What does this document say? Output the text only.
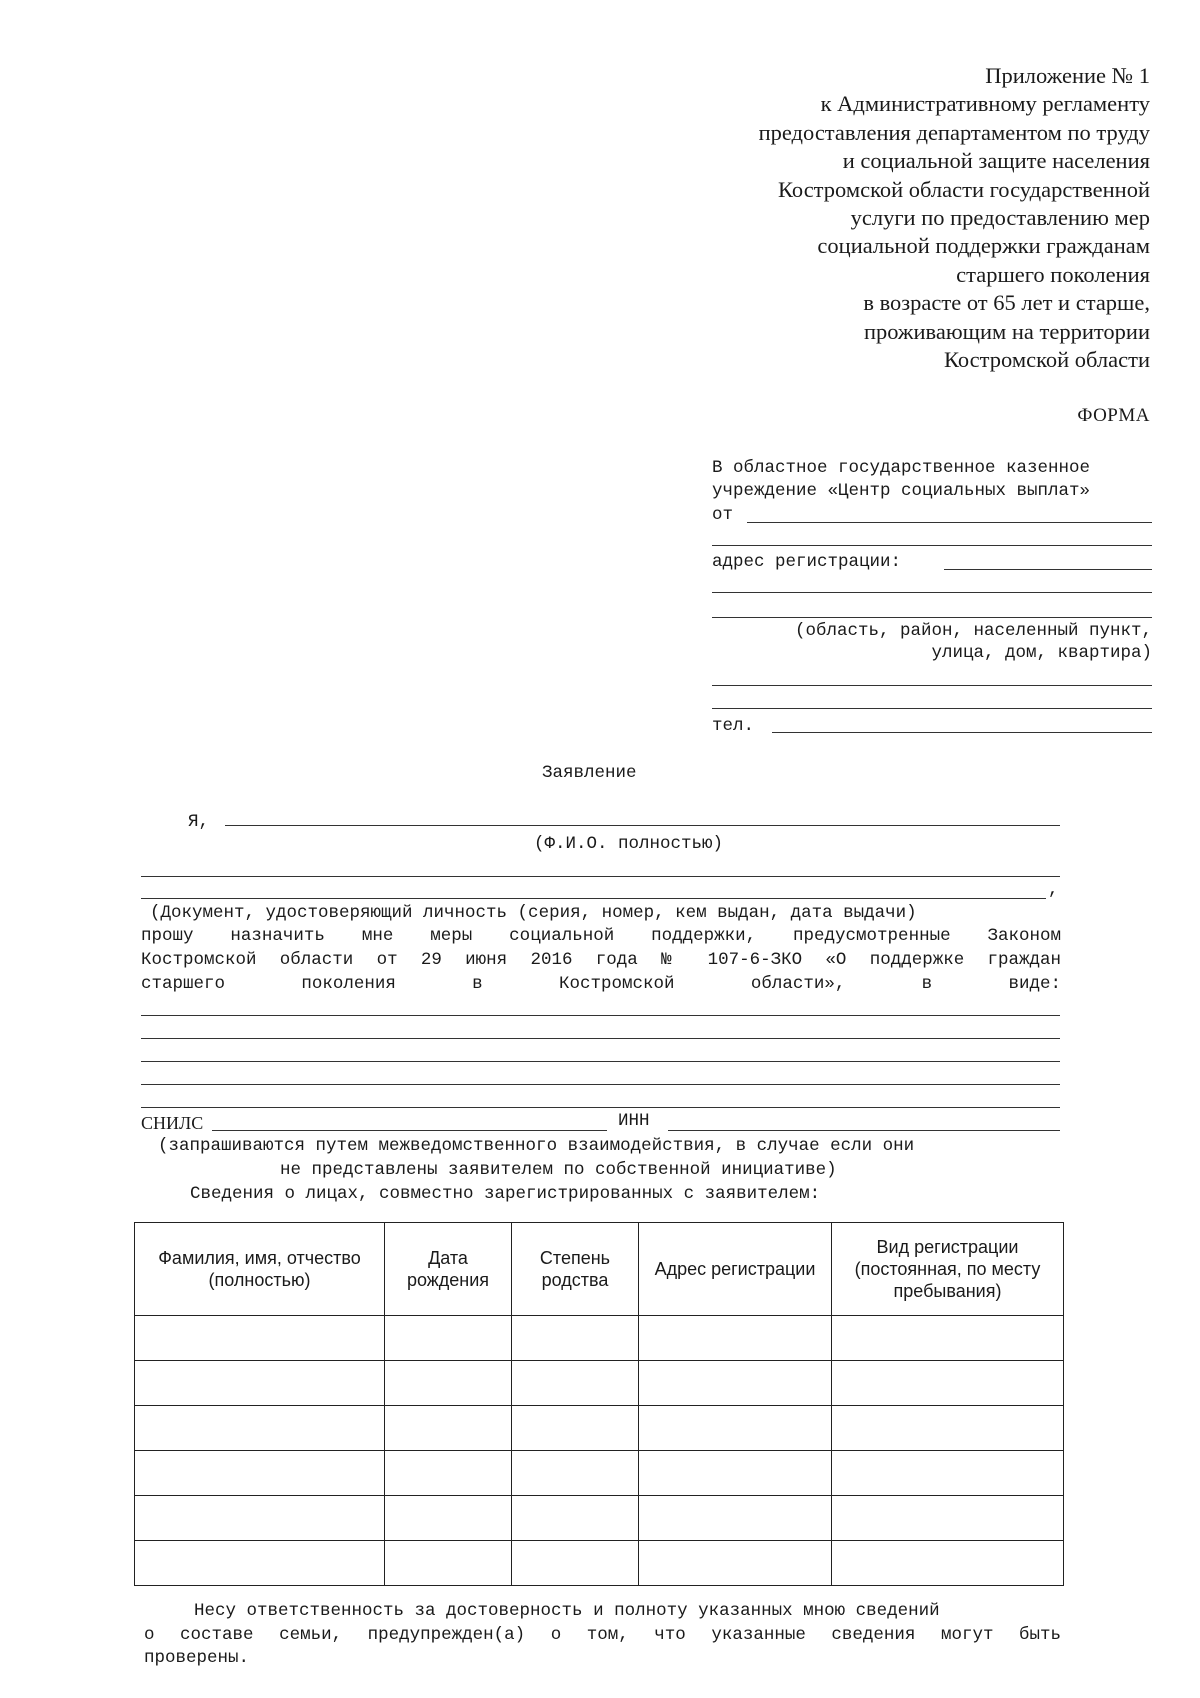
Приложение № 1
к Административному регламенту
предоставления департаментом по труду
и социальной защите населения
Костромской области государственной
услуги по предоставлению мер
социальной поддержки гражданам
старшего поколения
в возрасте от 65 лет и старше,
проживающим на территории
Костромской области
ФОРМА
В областное государственное казенное
учреждение «Центр социальных выплат»
от
адрес регистрации:
(область, район, населенный пункт,
улица, дом, квартира)
тел.
Заявление
Я,
(Ф.И.О. полностью)
,
(Документ, удостоверяющий личность (серия, номер, кем выдан, дата выдачи)
прошу назначить мне меры социальной поддержки, предусмотренные Законом
Костромской области от 29 июня 2016 года № 107-6-ЗКО «О поддержке граждан
старшего поколения в Костромской области», в виде:
СНИЛС	ИНН
(запрашиваются путем межведомственного взаимодействия, в случае если они
не представлены заявителем по собственной инициативе)
Сведения о лицах, совместно зарегистрированных с заявителем:
Фамилия, имя, отчество (полностью)	Дата рождения	Степень родства	Адрес регистрации	Вид регистрации (постоянная, по месту пребывания)

Несу ответственность за достоверность и полноту указанных мною сведений
о составе семьи, предупрежден(а) о том, что указанные сведения могут быть
проверены.
